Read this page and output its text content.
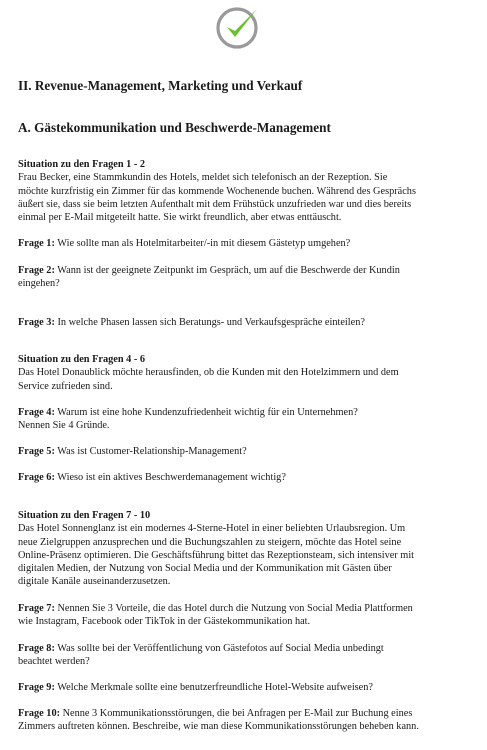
II. Revenue-Management, Marketing und Verkauf
A. Gästekommunikation und Beschwerde-Management
Situation zu den Fragen 1 - 2
Frau Becker, eine Stammkundin des Hotels, meldet sich telefonisch an der Rezeption. Sie
möchte kurzfristig ein Zimmer für das kommende Wochenende buchen. Während des Gesprächs
äußert sie, dass sie beim letzten Aufenthalt mit dem Frühstück unzufrieden war und dies bereits
einmal per E-Mail mitgeteilt hatte. Sie wirkt freundlich, aber etwas enttäuscht.
Frage 1: Wie sollte man als Hotelmitarbeiter/-in mit diesem Gästetyp umgehen?
Frage 2: Wann ist der geeignete Zeitpunkt im Gespräch, um auf die Beschwerde der Kundin
eingehen?
Frage 3: In welche Phasen lassen sich Beratungs- und Verkaufsgespräche einteilen?
Situation zu den Fragen 4 - 6
Das Hotel Donaublick möchte herausfinden, ob die Kunden mit den Hotelzimmern und dem
Service zufrieden sind.
Frage 4: Warum ist eine hohe Kundenzufriedenheit wichtig für ein Unternehmen?
Nennen Sie 4 Gründe.
Frage 5: Was ist Customer-Relationship-Management?
Frage 6: Wieso ist ein aktives Beschwerdemanagement wichtig?
Situation zu den Fragen 7 - 10
Das Hotel Sonnenglanz ist ein modernes 4-Sterne-Hotel in einer beliebten Urlaubsregion. Um
neue Zielgruppen anzusprechen und die Buchungszahlen zu steigern, möchte das Hotel seine
Online-Präsenz optimieren. Die Geschäftsführung bittet das Rezeptionsteam, sich intensiver mit
digitalen Medien, der Nutzung von Social Media und der Kommunikation mit Gästen über
digitale Kanäle auseinanderzusetzen.
Frage 7: Nennen Sie 3 Vorteile, die das Hotel durch die Nutzung von Social Media Plattformen
wie Instagram, Facebook oder TikTok in der Gästekommunikation hat.
Frage 8: Was sollte bei der Veröffentlichung von Gästefotos auf Social Media unbedingt
beachtet werden?
Frage 9: Welche Merkmale sollte eine benutzerfreundliche Hotel-Website aufweisen?
Frage 10: Nenne 3 Kommunikationsstörungen, die bei Anfragen per E-Mail zur Buchung eines
Zimmers auftreten können. Beschreibe, wie man diese Kommunikationsstörungen beheben kann.
